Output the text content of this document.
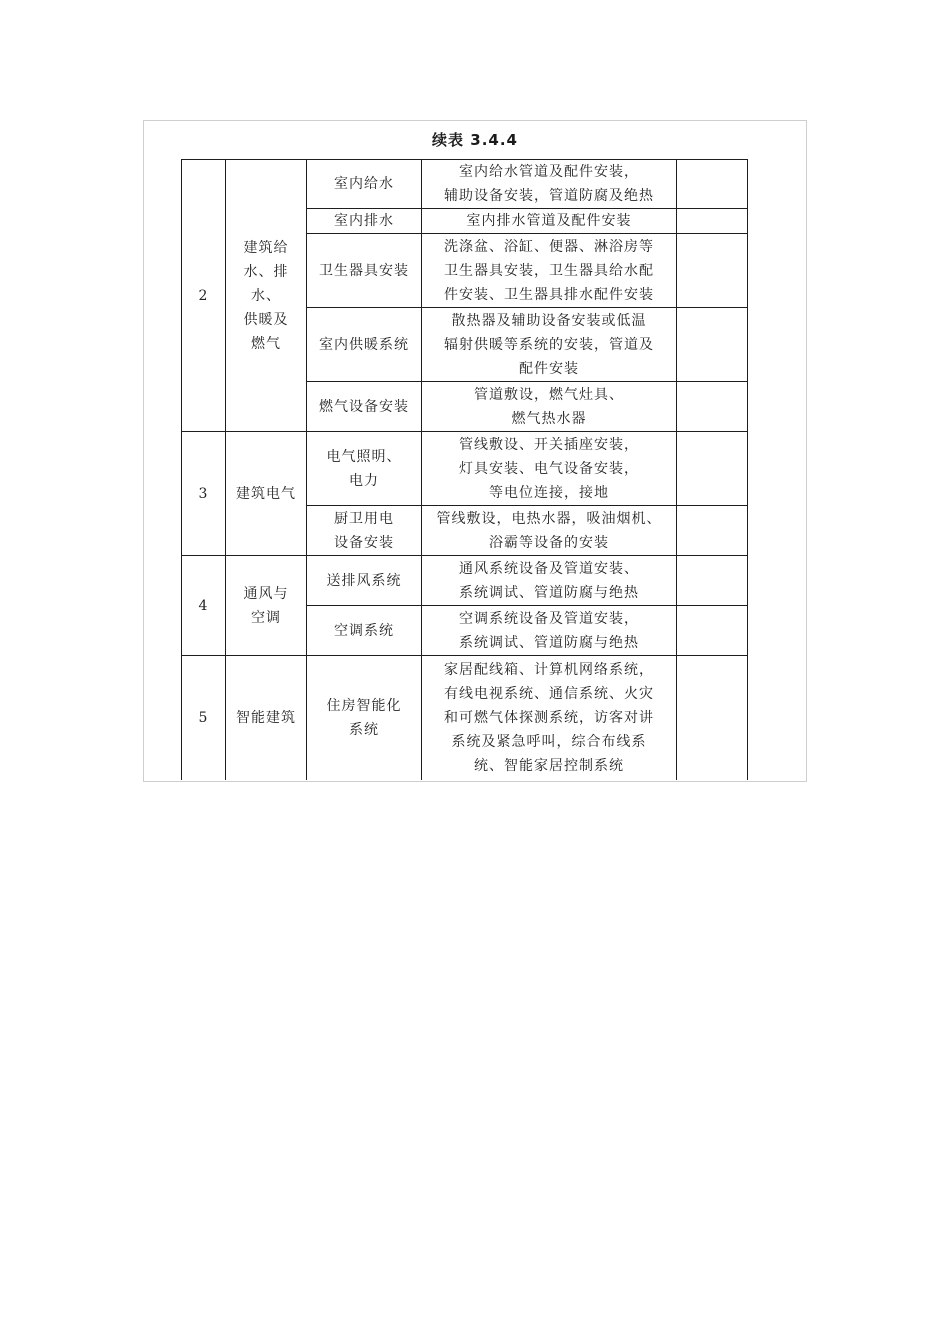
续表 3.4.4
2	建筑给
水、排水、
供暖及
燃气	室内给水	室内给水管道及配件安装，
辅助设备安装，管道防腐及绝热	
		室内排水	室内排水管道及配件安装	
		卫生器具安装	洗涤盆、浴缸、便器、淋浴房等
卫生器具安装，卫生器具给水配
件安装、卫生器具排水配件安装	
		室内供暖系统	散热器及辅助设备安装或低温
辐射供暖等系统的安装，管道及
配件安装	
		燃气设备安装	管道敷设，燃气灶具、
燃气热水器	
3	建筑电气	电气照明、
电力	管线敷设、开关插座安装，
灯具安装、电气设备安装，
等电位连接，接地	
		厨卫用电
设备安装	管线敷设，电热水器，吸油烟机、
浴霸等设备的安装	
4	通风与
空调	送排风系统	通风系统设备及管道安装、
系统调试、管道防腐与绝热	
		空调系统	空调系统设备及管道安装，
系统调试、管道防腐与绝热	
5	智能建筑	住房智能化
系统	家居配线箱、计算机网络系统，
有线电视系统、通信系统、火灾
和可燃气体探测系统，访客对讲
系统及紧急呼叫，综合布线系
统、智能家居控制系统	
